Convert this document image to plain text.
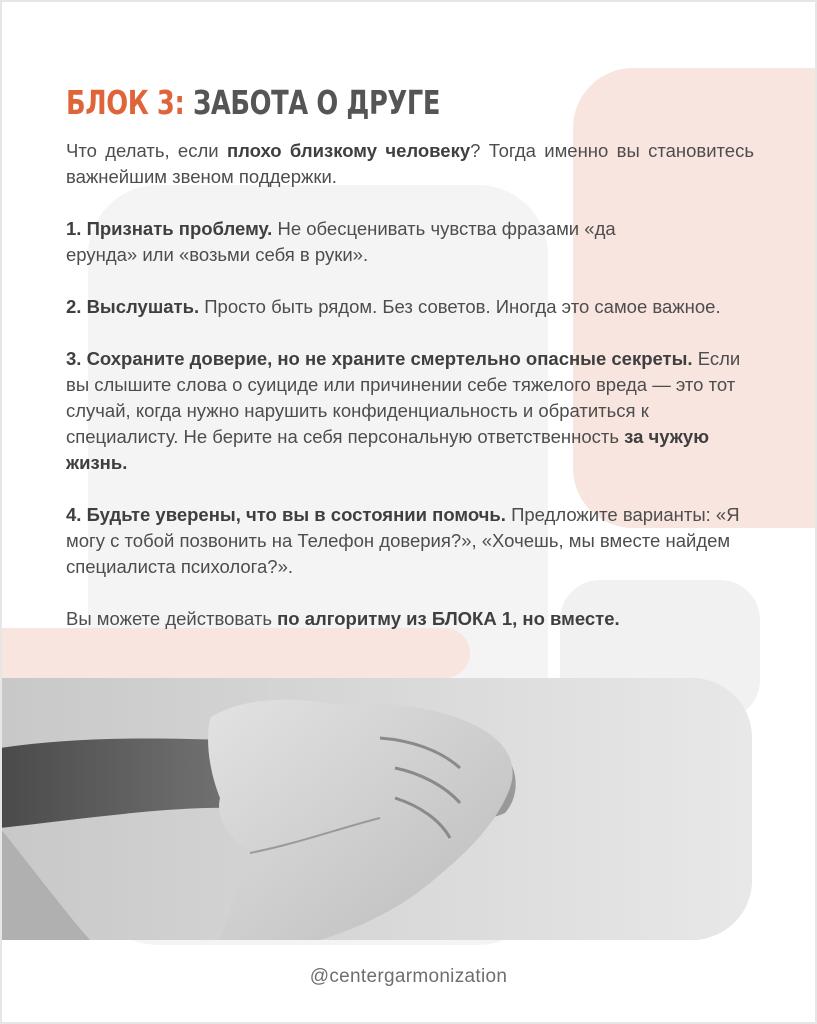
БЛОК 3: ЗАБОТА О ДРУГЕ

Что делать, если плохо близкому человеку? Тогда именно вы становитесь важнейшим звеном поддержки.

1. Признать проблему. Не обесценивать чувства фразами «да ерунда» или «возьми себя в руки».

2. Выслушать. Просто быть рядом. Без советов. Иногда это самое важное.

3. Сохраните доверие, но не храните смертельно опасные секреты. Если вы слышите слова о суициде или причинении себе тяжелого вреда — это тот случай, когда нужно нарушить конфиденциальность и обратиться к специалисту. Не берите на себя персональную ответственность за чужую жизнь.

4. Будьте уверены, что вы в состоянии помочь. Предложите варианты: «Я могу с тобой позвонить на Телефон доверия?», «Хочешь, мы вместе найдем специалиста психолога?».

Вы можете действовать по алгоритму из БЛОКА 1, но вместе.

@centergarmonization
